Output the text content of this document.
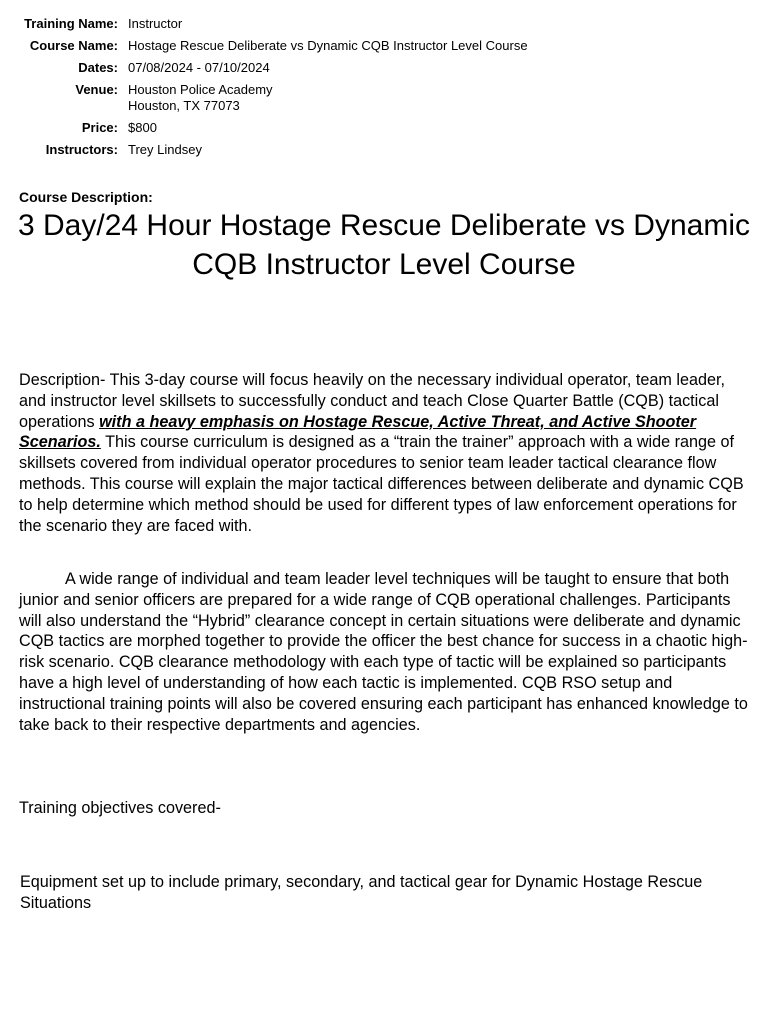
Training Name:	Instructor
Course Name:	Hostage Rescue Deliberate vs Dynamic CQB Instructor Level Course
Dates:	07/08/2024 - 07/10/2024
Venue:	Houston Police Academy
Houston, TX 77073

Price:	$800
Instructors:	Trey Lindsey
Course Description:
3 Day/24 Hour Hostage Rescue Deliberate vs Dynamic CQB Instructor Level Course

Description- This 3-day course will focus heavily on the necessary individual operator, team leader, and instructor level skillsets to successfully conduct and teach Close Quarter Battle (CQB) tactical operations with a heavy emphasis on Hostage Rescue, Active Threat, and Active Shooter Scenarios. This course curriculum is designed as a “train the trainer” approach with a wide range of skillsets covered from individual operator procedures to senior team leader tactical clearance flow methods. This course will explain the major tactical differences between deliberate and dynamic CQB to help determine which method should be used for different types of law enforcement operations for the scenario they are faced with.

A wide range of individual and team leader level techniques will be taught to ensure that both junior and senior officers are prepared for a wide range of CQB operational challenges. Participants will also understand the “Hybrid” clearance concept in certain situations were deliberate and dynamic CQB tactics are morphed together to provide the officer the best chance for success in a chaotic high-risk scenario. CQB clearance methodology with each type of tactic will be explained so participants have a high level of understanding of how each tactic is implemented. CQB RSO setup and instructional training points will also be covered ensuring each participant has enhanced knowledge to take back to their respective departments and agencies.

Training objectives covered-

Equipment set up to include primary, secondary, and tactical gear for Dynamic Hostage Rescue Situations
